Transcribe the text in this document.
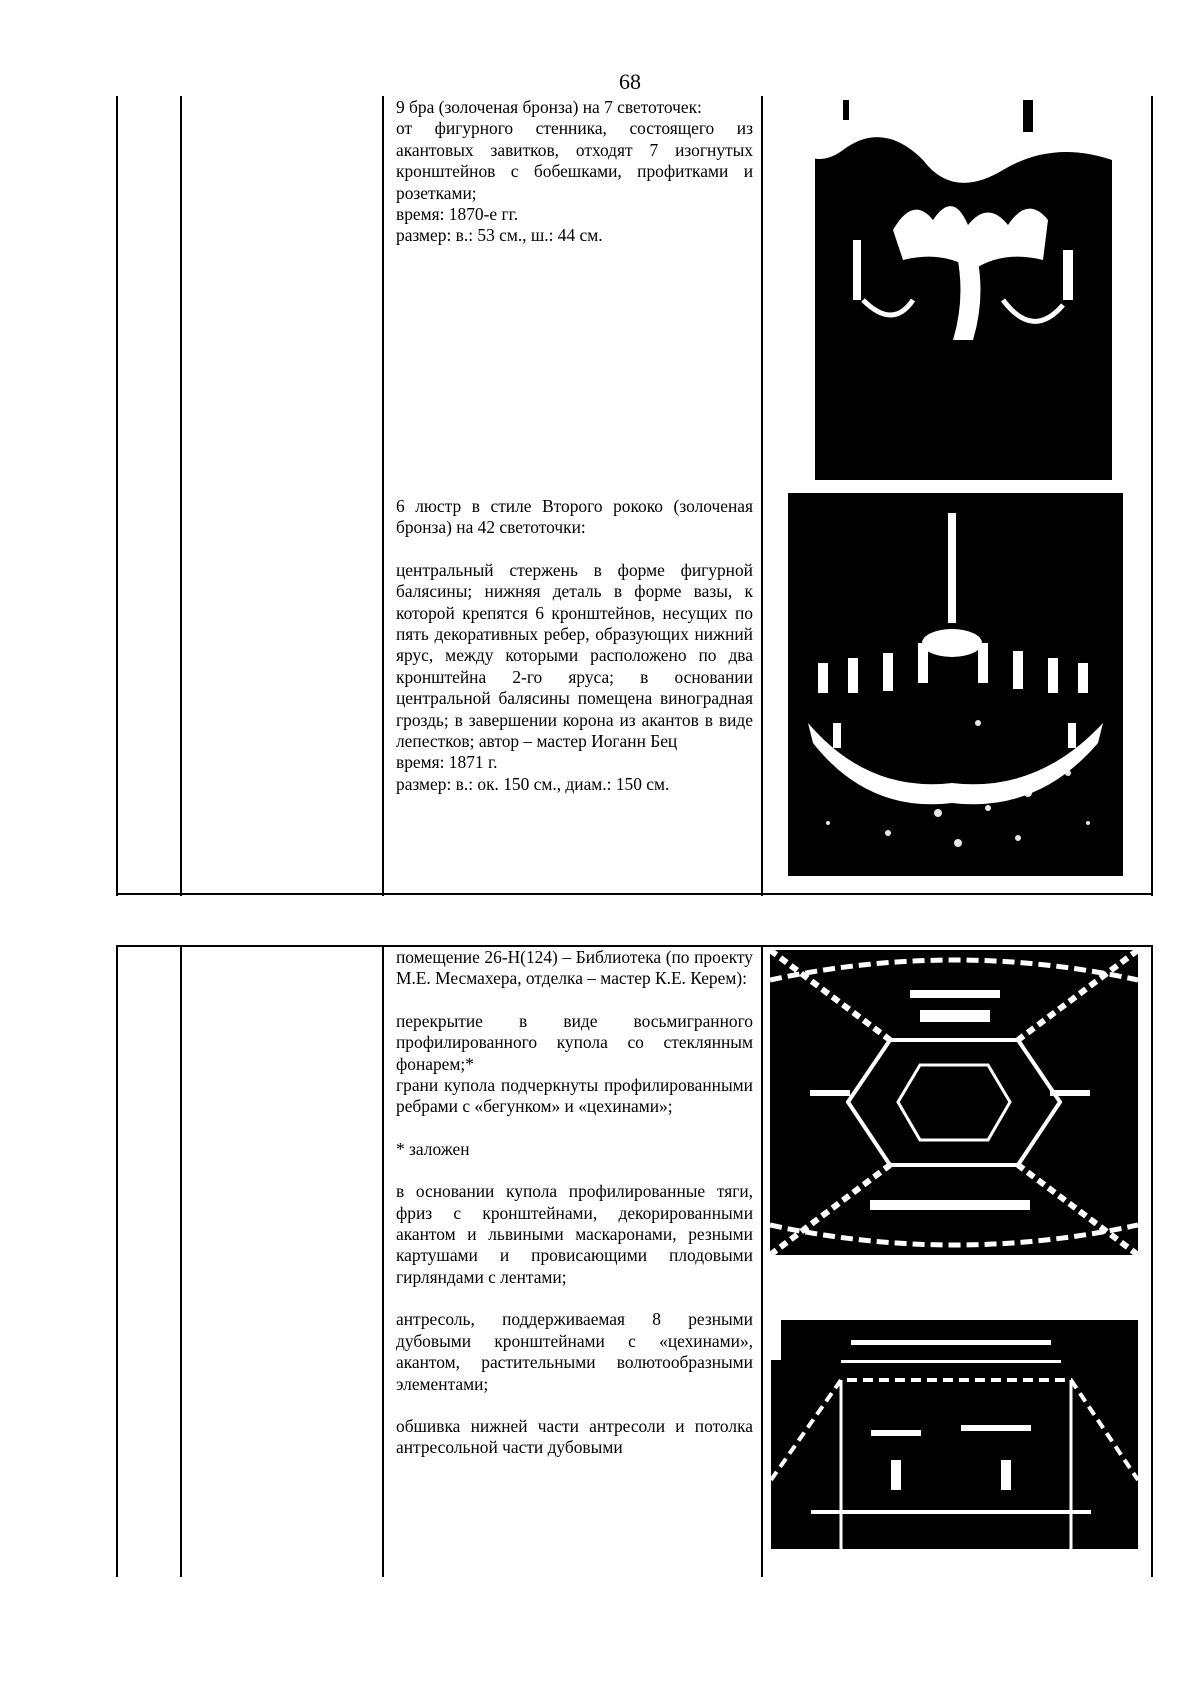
68

9 бра (золоченая бронза) на 7 светоточек:

от фигурного стенника, состоящего из акантовых завитков, отходят 7 изогнутых кронштейнов с бобешками, профитками и розетками;

время: 1870-е гг.

размер: в.: 53 см., ш.: 44 см.

6 люстр в стиле Второго рококо (золоченая бронза) на 42 светоточки:

центральный стержень в форме фигурной балясины; нижняя деталь в форме вазы, к которой крепятся 6 кронштейнов, несущих по пять декоративных ребер, образующих нижний ярус, между которыми расположено по два кронштейна 2-го яруса; в основании центральной балясины помещена виноградная гроздь; в завершении корона из акантов в виде лепестков; автор – мастер Иоганн Бец

время: 1871 г.

размер: в.: ок. 150 см., диам.: 150 см.

помещение 26-Н(124) – Библиотека (по проекту М.Е. Месмахера, отделка – мастер К.Е. Керем):

перекрытие в виде восьмигранного профилированного купола со стеклянным фонарем;*

грани купола подчеркнуты профилированными ребрами с «бегунком» и «цехинами»;

* заложен

в основании купола профилированные тяги, фриз с кронштейнами, декорированными акантом и львиными маскаронами, резными картушами и провисающими плодовыми гирляндами с лентами;

антресоль, поддерживаемая 8 резными дубовыми кронштейнами с «цехинами», акантом, растительными волютообразными элементами;

обшивка нижней части антресоли и потолка антресольной части дубовыми
